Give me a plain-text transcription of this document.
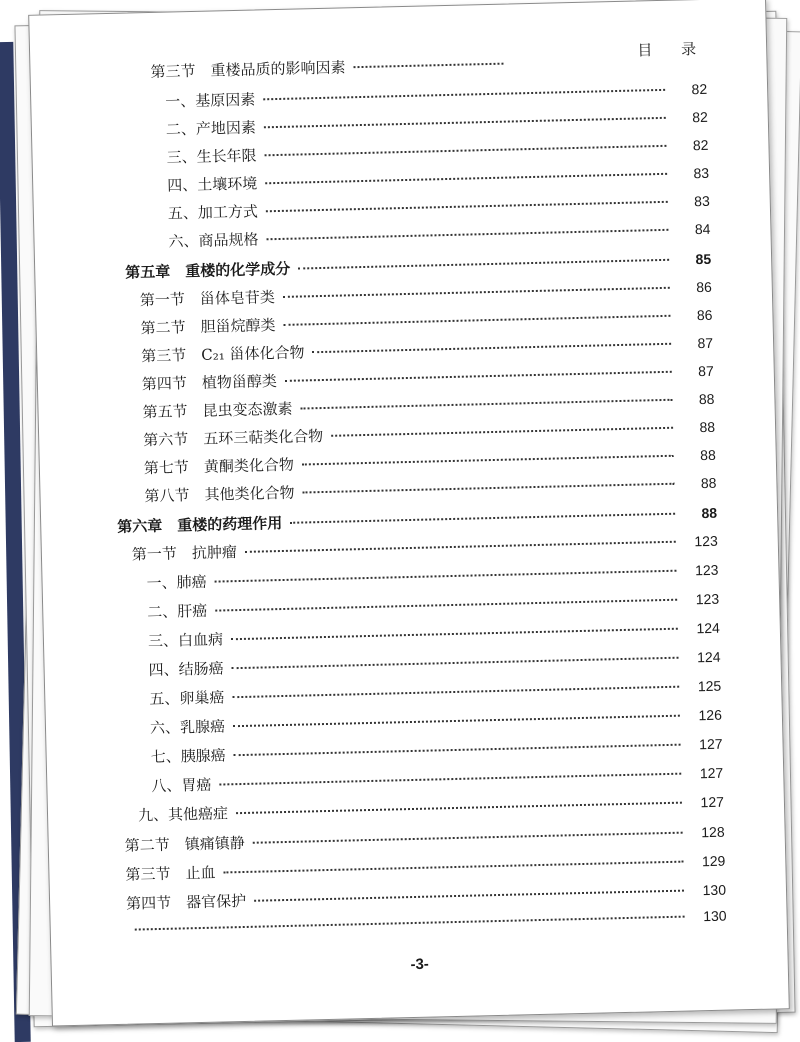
目 录
第三节　重楼品质的影响因素
一、基原因素
82
二、产地因素
82
三、生长年限
82
四、土壤环境
83
五、加工方式
83
六、商品规格
84
第五章　重楼的化学成分
85
第一节　甾体皂苷类
86
第二节　胆甾烷醇类
86
第三节　C₂₁ 甾体化合物
87
第四节　植物甾醇类
87
第五节　昆虫变态激素
88
第六节　五环三萜类化合物
88
第七节　黄酮类化合物
88
第八节　其他类化合物
88
第六章　重楼的药理作用
88
第一节　抗肿瘤
123
一、肺癌
123
二、肝癌
123
三、白血病
124
四、结肠癌
124
五、卵巢癌
125
六、乳腺癌
126
七、胰腺癌
127
八、胃癌
127
九、其他癌症
127
第二节　镇痛镇静
128
第三节　止血
129
第四节　器官保护
130
130
-3-
